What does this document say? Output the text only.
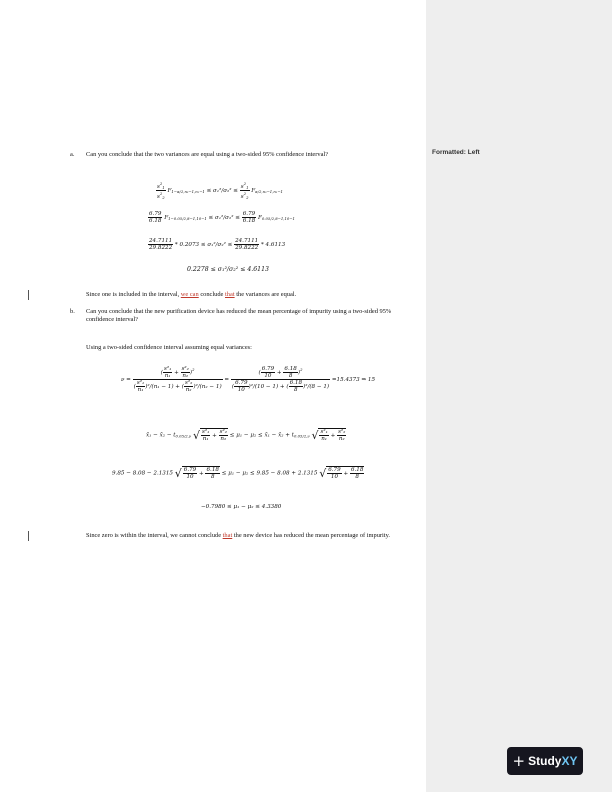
a. Can you conclude that the two variances are equal using a two-sided 95% confidence interval?
$\frac{s^2_1}{s^2_2} F_{1-\alpha/2,n_2-1,n_1-1} \le \sigma_1^2/\sigma_2^2 \le \frac{s^2_1}{s^2_2} F_{\alpha/2,n_2-1,n_1-1}$
$\frac{6.79}{6.18} F_{1-0.05/2,8-1,10-1} \le \sigma_1^2/\sigma_2^2 \le \frac{6.79}{6.18} F_{0.05/2,8-1,10-1}$
$\frac{24.7111}{29.8222} * 0.2073 \le \sigma_1^2/\sigma_2^2 \le \frac{24.7111}{29.8222} * 4.6113$
0.2278 ≤ σ₁²/σ₂² ≤ 4.6113
Since one is included in the interval, we can conclude that the variances are equal.
b. Can you conclude that the new purification device has reduced the mean percentage of impurity using a two-sided 95% confidence interval?
Using a two-sided confidence interval assuming equal variances:
$\nu = \frac{( \frac{\text{s²₁}}{\text{n₁}} + \frac{\text{s²₂}}{\text{n₂}} )^2}{( \frac{\text{s²₁}}{\text{n₁}} )^2/(n_1 - 1) + ( \frac{\text{s²₂}}{\text{n₂}} )^2/(n_2 - 1)} = \frac{( \frac{6.79}{10} + \frac{6.18}{8} )^2}{( \frac{6.79}{10} )^2/(10 - 1) + ( \frac{6.18}{8} )^2/(8 - 1)} =15.4373$ ⇒ 15
x̄₁ − x̄₂ − $t_{0.05/2,\nu}$ √ $\frac{\text{s²₁}}{\text{n₁}} + \frac{\text{s²₂}}{\text{n₂}} \le \mu_1 - \mu_2$ ≤ x̄₁ − x̄₂ + $t_{0.05/2,\nu}$ √ $\frac{\text{s²₁}}{\text{n₁}} + \frac{\text{s²₂}}{\text{n₂}}$
9.85 − 8.08 − 2.1315 √ $\frac{6.79}{10} + \frac{6.18}{8} \le \mu_1 - \mu_2 \le 9.85 - 8.08 + 2.1315$ √ $\frac{6.79}{10} + \frac{6.18}{8}$
−0.7980 ≤ μ₁ − μ₂ ≤ 4.3380
Since zero is within the interval, we cannot conclude that the new device has reduced the mean percentage of impurity.
Formatted: Left
+ Study XY
